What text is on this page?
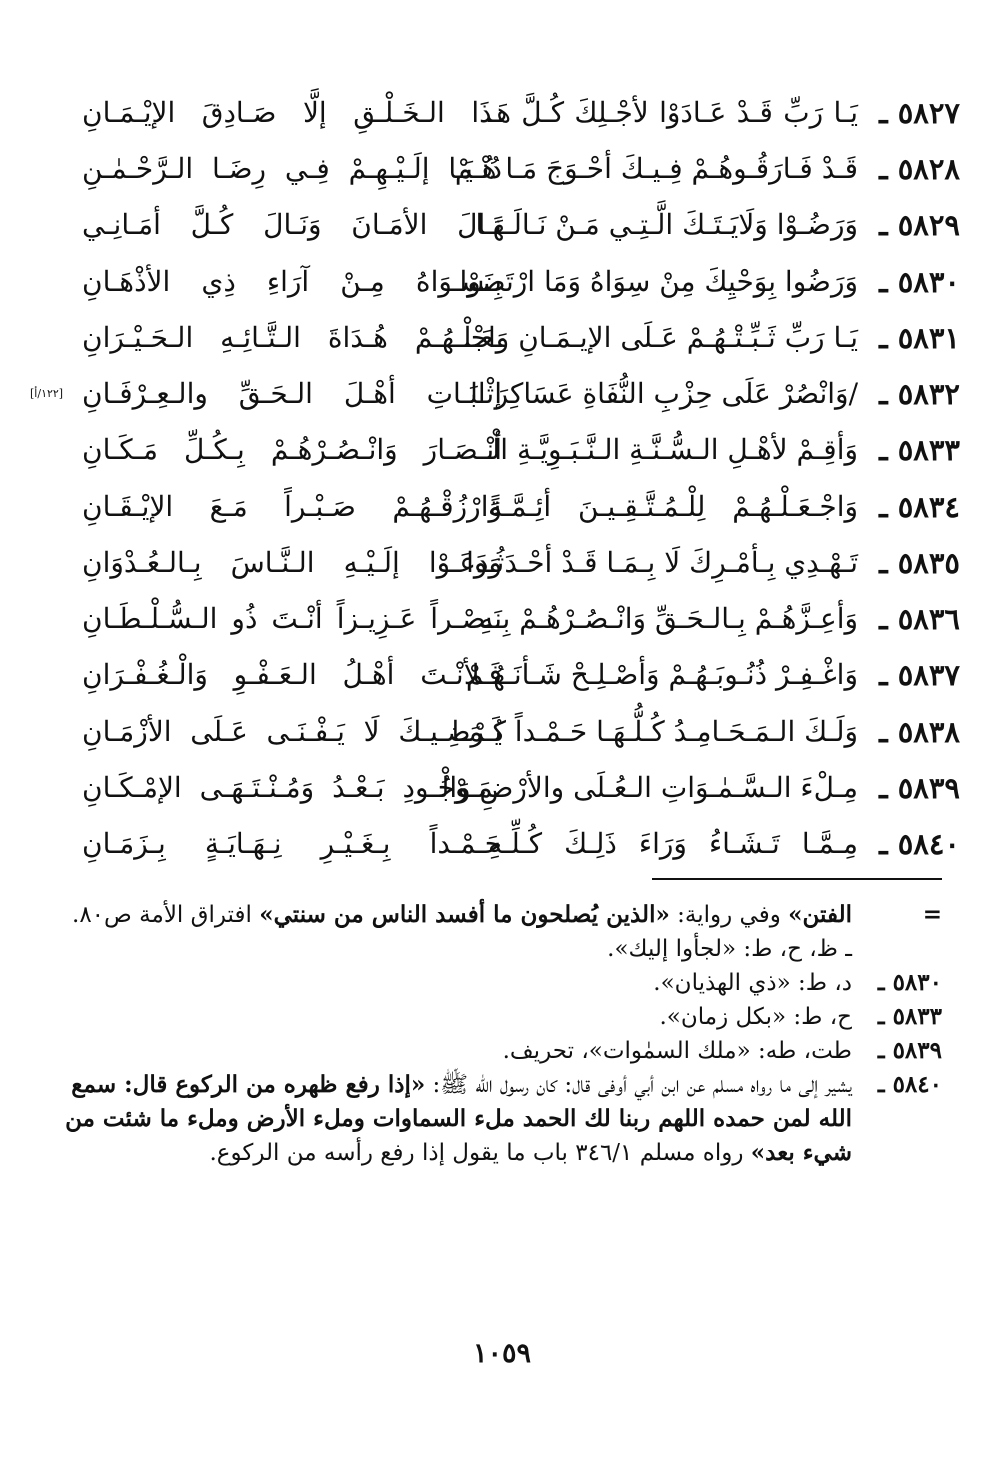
٥٨٢٧ ـ
يَـا رَبِّ قَـدْ عَـادَوْا لأجْـلِكَ كُـلَّ هَـ
ـذَا الـخَـلْـقِ إلَّا صَـادِقَ الإيْـمَـانِ
٥٨٢٨ ـ
قَـدْ فَـارَقُـوهُـمْ فِـيـكَ أحْـوَجَ مَـا هُـمْ
دُنْـيَـا إلَـيْـهِـمْ فِـي رِضَـا الـرَّحْـمٰـنِ
٥٨٢٩ ـ
وَرَضُـوْا وَلَايَـتَـكَ الَّـتِـي مَـنْ نَـالَـهَـا
نَـالَ الأمَـانَ وَنَـالَ كُـلَّ أمَـانِـي
٥٨٣٠ ـ
وَرَضُوا بِوَحْيِكَ مِنْ سِوَاهُ وَمَا ارْتَضَوْا
بِـسِـوَاهُ مِـنْ آرَاءِ ذِي الأذْهَـانِ
٥٨٣١ ـ
يَـا رَبِّ ثَـبِّـتْـهُـمْ عَـلَى الإيـمَـانِ وَاجْـ
ـعَـلْـهُـمْ هُـدَاةَ الـتَّـائِـهِ الـحَـيْـرَانِ
٥٨٣٢ ـ
/وَانْصُرْ عَلَى حِزْبِ النُّفَاةِ عَسَاكِرَ الـ
إثْـبَـاتِ أهْـلَ الـحَـقِّ والـعِـرْفَـانِ
[١٢٢/أ]
٥٨٣٣ ـ
وَأقِـمْ لأهْـلِ الـسُّـنَّـةِ الـنَّـبَـوِيَّـةِ الْـ
أنْـصَـارَ وَانْـصُـرْهُـمْ بِـكُـلِّ مَـكَـانِ
٥٨٣٤ ـ
وَاجْـعَـلْـهُـمْ لِلْـمُـتَّـقِـيـنَ أئِـمَّـةً
وَارْزُقْـهُـمْ صَـبْـراً مَـعَ الإيْـقَـانِ
٥٨٣٥ ـ
تَـهْـدِي بِـأمْـرِكَ لَا بِـمَـا قَـدْ أحْـدَثُـوا
وَدَعَـوْا إلَـيْـهِ الـنَّـاسَ بِـالـعُـدْوَانِ
٥٨٣٦ ـ
وَأعِـزَّهُـمْ بِـالـحَـقِّ وَانْـصُـرْهُـمْ بِـهِ
نَـصْـراً عَـزِيـزاً أنْـتَ ذُو الـسُّـلْـطَـانِ
٥٨٣٧ ـ
وَاغْـفِـرْ ذُنُـوبَـهُـمْ وَأصْـلِـحْ شَـأنَـهُـمْ
فَـلأنْـتَ أهْـلُ الـعَـفْـوِ وَالْـغُـفْـرَانِ
٥٨٣٨ ـ
وَلَـكَ الـمَـحَـامِـدُ كُـلُّـهَـا حَـمْـداً كَـمَـا
يُـرْضِـيـكَ لَا يَـفْـنَـى عَـلَى الأزْمَـانِ
٥٨٣٩ ـ
مِـلْءَ الـسَّـمٰـوَاتِ الـعُـلَى والأرْضِ وَالْـ
ـمَـوْجُـودِ بَـعْـدُ وَمُـنْـتَـهَـى الإمْـكَـانِ
٥٨٤٠ ـ
مِـمَّـا تَـشَـاءُ وَرَاءَ ذَلِـكَ كُـلِّـهِ
حَـمْـداً بِـغَـيْـرِ نِـهَـايَـةٍ بِـزَمَـانِ
=
الفتن» وفي رواية: «الذين يُصلحون ما أفسد الناس من سنتي» افتراق الأمة ص٨٠.
ـ ظ، ح، ط: «لجأوا إليك».
٥٨٣٠ ـ
د، ط: «ذي الهذيان».
٥٨٣٣ ـ
ح، ط: «بكل زمان».
٥٨٣٩ ـ
طت، طه: «ملك السمٰوات»، تحريف.
٥٨٤٠ ـ
يشير إلى ما رواه مسلم عن ابن أبي أوفى قال: كان رسول الله ﷺ: «إذا رفع ظهره من الركوع قال: سمع الله لمن حمده اللهم ربنا لك الحمد ملء السماوات وملء الأرض وملء ما شئت من شيء بعد» رواه مسلم ٣٤٦/١ باب ما يقول إذا رفع رأسه من الركوع.
١٠٥٩
